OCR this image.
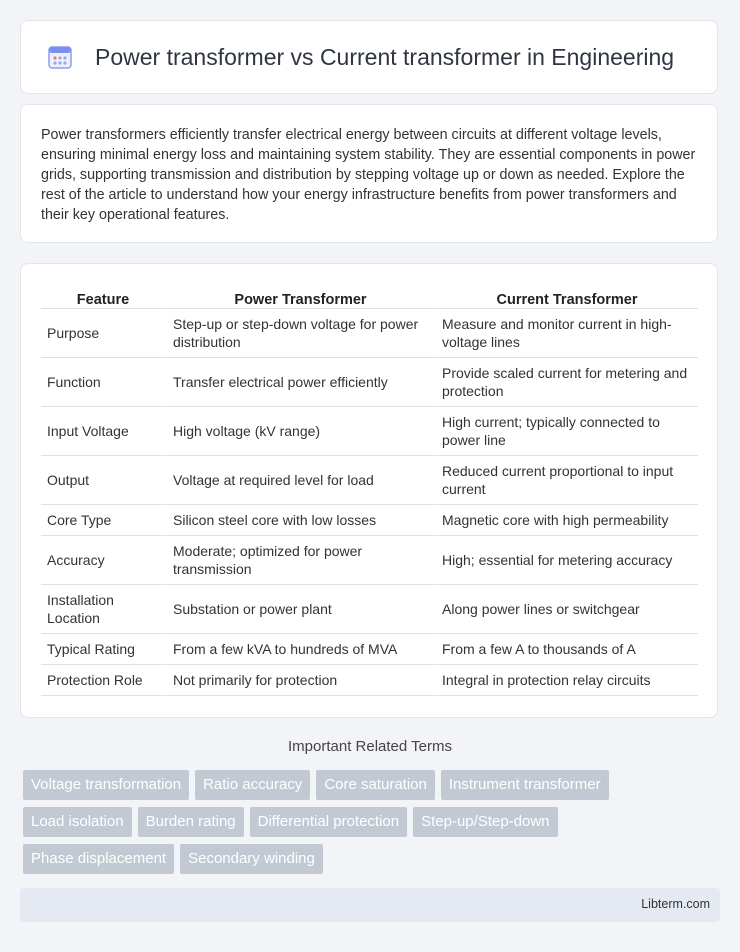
Power transformer vs Current transformer in Engineering

Power transformers efficiently transfer electrical energy between circuits at different voltage levels, ensuring minimal energy loss and maintaining system stability. They are essential components in power grids, supporting transmission and distribution by stepping voltage up or down as needed. Explore the rest of the article to understand how your energy infrastructure benefits from power transformers and their key operational features.

Feature	Power Transformer	Current Transformer
Purpose	Step-up or step-down voltage for power distribution	Measure and monitor current in high-voltage lines
Function	Transfer electrical power efficiently	Provide scaled current for metering and protection
Input Voltage	High voltage (kV range)	High current; typically connected to power line
Output	Voltage at required level for load	Reduced current proportional to input current
Core Type	Silicon steel core with low losses	Magnetic core with high permeability
Accuracy	Moderate; optimized for power transmission	High; essential for metering accuracy
Installation Location	Substation or power plant	Along power lines or switchgear
Typical Rating	From a few kVA to hundreds of MVA	From a few A to thousands of A
Protection Role	Not primarily for protection	Integral in protection relay circuits
Important Related Terms
Voltage transformation	Ratio accuracy	Core saturation	Instrument transformer
Load isolation	Burden rating	Differential protection	Step-up/Step-down
Phase displacement	Secondary winding
Libterm.com
